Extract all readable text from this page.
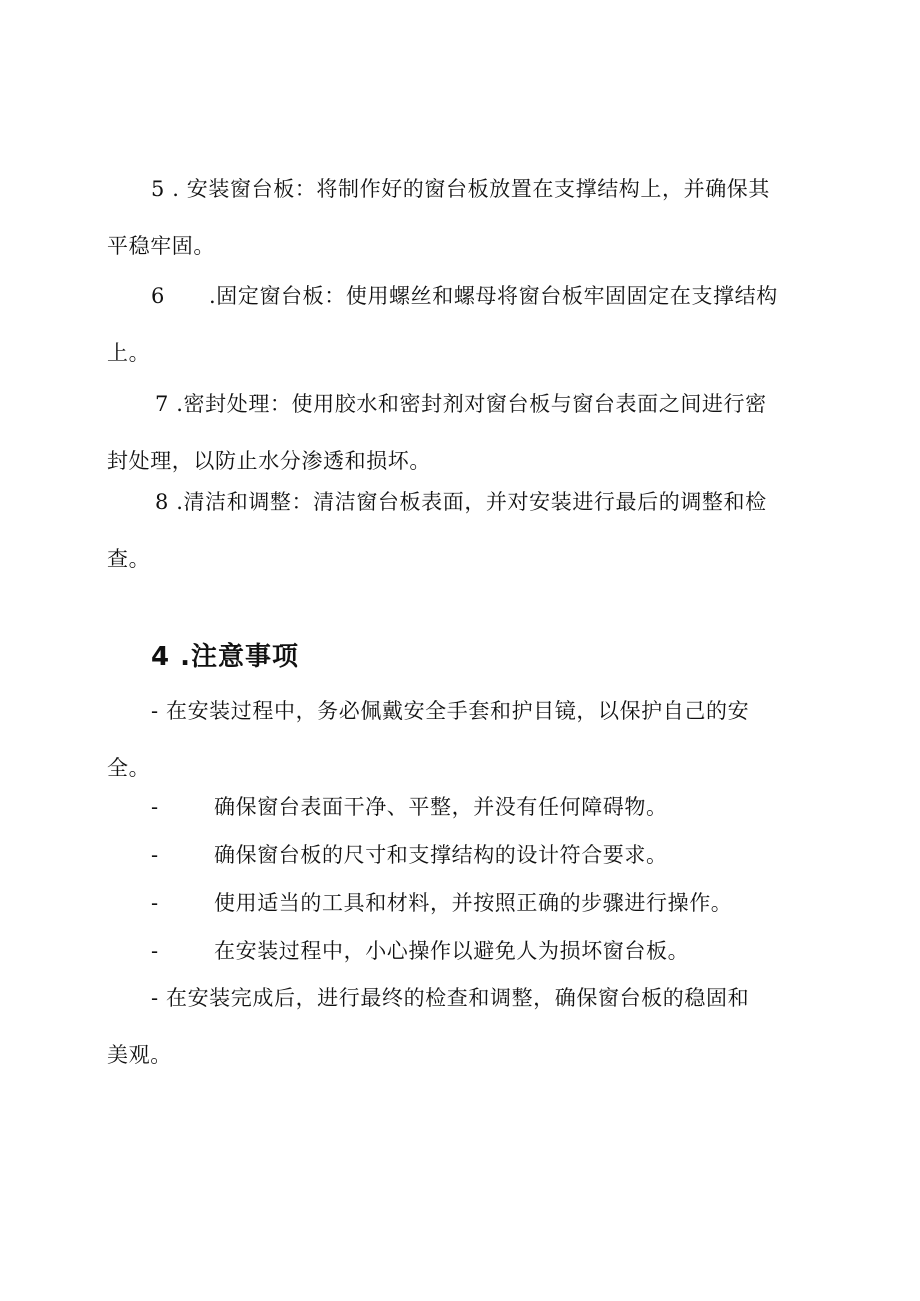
5 . 安装窗台板：将制作好的窗台板放置在支撑结构上，并确保其
平稳牢固。

6 .固定窗台板：使用螺丝和螺母将窗台板牢固固定在支撑结构
上。

7 .密封处理：使用胶水和密封剂对窗台板与窗台表面之间进行密
封处理，以防止水分渗透和损坏。

8 .清洁和调整：清洁窗台板表面，并对安装进行最后的调整和检
查。

4 .注意事项

- 在安装过程中，务必佩戴安全手套和护目镜，以保护自己的安
全。

-	确保窗台表面干净、平整，并没有任何障碍物。

-	确保窗台板的尺寸和支撑结构的设计符合要求。

-	使用适当的工具和材料，并按照正确的步骤进行操作。

-	在安装过程中，小心操作以避免人为损坏窗台板。

- 在安装完成后，进行最终的检查和调整，确保窗台板的稳固和
美观。
